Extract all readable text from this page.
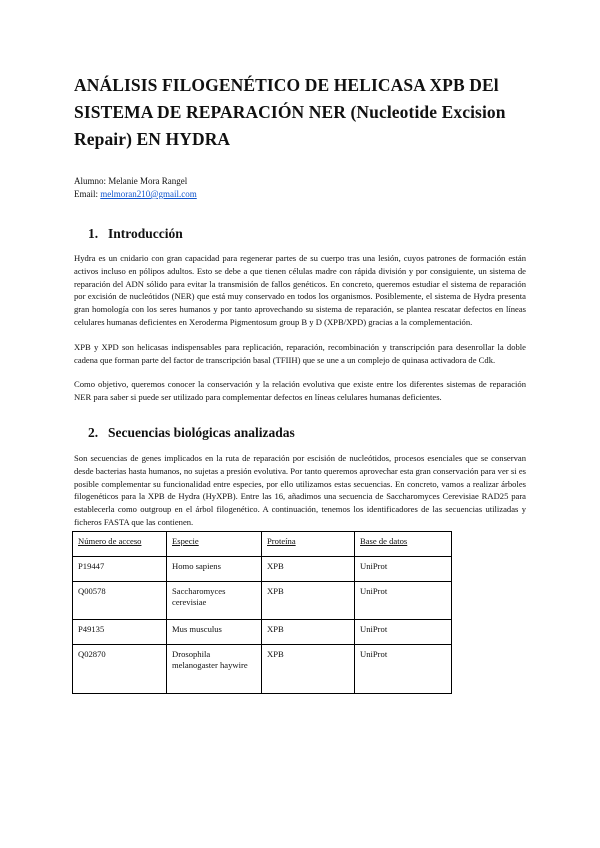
ANÁLISIS FILOGENÉTICO DE HELICASA XPB DEl SISTEMA DE REPARACIÓN NER (Nucleotide Excision Repair) EN HYDRA
Alumno: Melanie Mora Rangel
Email: melmoran210@gmail.com
1. Introducción

Hydra es un cnidario con gran capacidad para regenerar partes de su cuerpo tras una lesión, cuyos patrones de formación están activos incluso en pólipos adultos. Esto se debe a que tienen células madre con rápida división y por consiguiente, un sistema de reparación del ADN sólido para evitar la transmisión de fallos genéticos. En concreto, queremos estudiar el sistema de reparación por excisión de nucleótidos (NER) que está muy conservado en todos los organismos. Posiblemente, el sistema de Hydra presenta gran homología con los seres humanos y por tanto aprovechando su sistema de reparación, se plantea rescatar defectos en líneas celulares humanas deficientes en Xeroderma Pigmentosum group B y D (XPB/XPD) gracias a la complementación.

XPB y XPD son helicasas indispensables para replicación, reparación, recombinación y transcripción para desenrollar la doble cadena que forman parte del factor de transcripción basal (TFIIH) que se une a un complejo de quinasa activadora de Cdk.

Como objetivo, queremos conocer la conservación y la relación evolutiva que existe entre los diferentes sistemas de reparación NER para saber si puede ser utilizado para complementar defectos en líneas celulares humanas deficientes.

2. Secuencias biológicas analizadas

Son secuencias de genes implicados en la ruta de reparación por escisión de nucleótidos, procesos esenciales que se conservan desde bacterias hasta humanos, no sujetas a presión evolutiva. Por tanto queremos aprovechar esta gran conservación para ver si es posible complementar su funcionalidad entre especies, por ello utilizamos estas secuencias. En concreto, vamos a realizar árboles filogenéticos para la XPB de Hydra (HyXPB). Entre las 16, añadimos una secuencia de Saccharomyces Cerevisiae RAD25 para establecerla como outgroup en el árbol filogenético. A continuación, tenemos los identificadores de las secuencias utilizadas y ficheros FASTA que las contienen.

Número de acceso	Especie	Proteína	Base de datos
P19447	Homo sapiens	XPB	UniProt
Q00578	Saccharomyces cerevisiae	XPB	UniProt
P49135	Mus musculus	XPB	UniProt
Q02870	Drosophila melanogaster haywire	XPB	UniProt
